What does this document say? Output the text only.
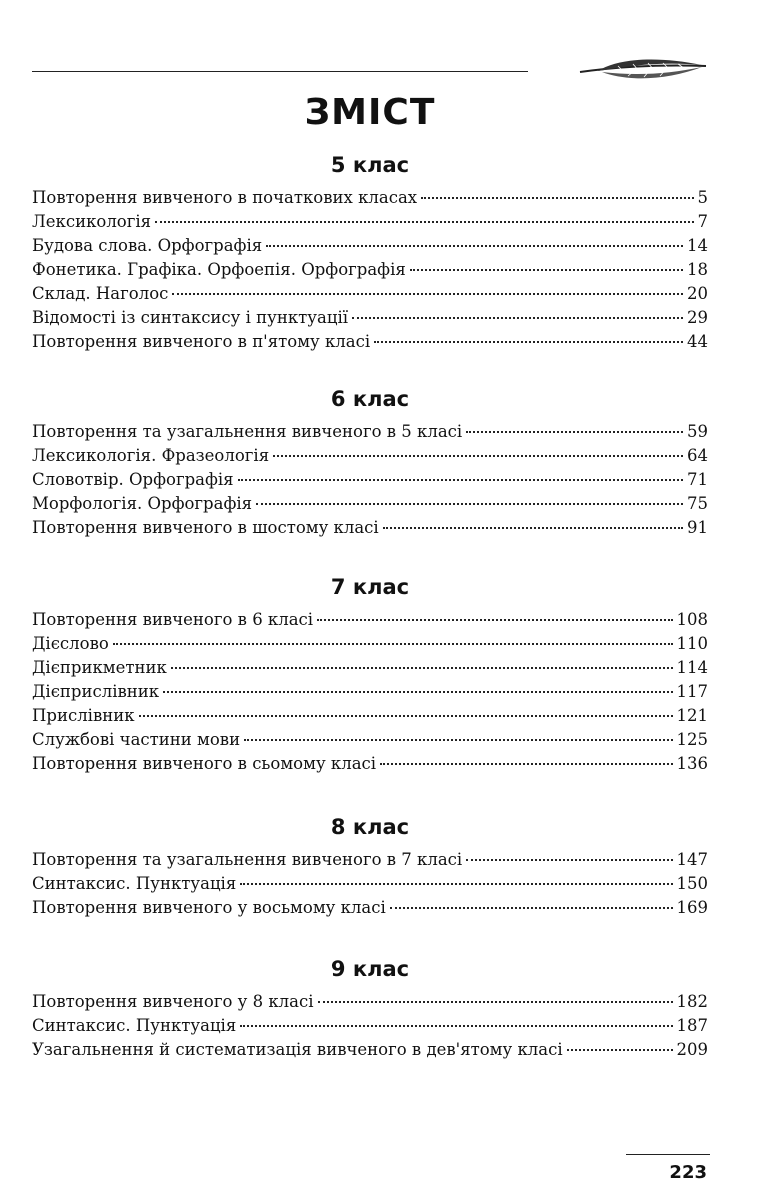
ЗМІСТ
5 клас
Повторення вивченого в початкових класах	5
Лексикологія	7
Будова слова. Орфографія	14
Фонетика. Графіка. Орфоепія. Орфографія	18
Склад. Наголос	20
Відомості із синтаксису і пунктуації	29
Повторення вивченого в п'ятому класі	44
6 клас
Повторення та узагальнення вивченого в 5 класі	59
Лексикологія. Фразеологія	64
Словотвір. Орфографія	71
Морфологія. Орфографія	75
Повторення вивченого в шостому класі	91
7 клас
Повторення вивченого в 6 класі	108
Дієслово	110
Дієприкметник	114
Дієприслівник	117
Прислівник	121
Службові частини мови	125
Повторення вивченого в сьомому класі	136
8 клас
Повторення та узагальнення вивченого в 7 класі	147
Синтаксис. Пунктуація	150
Повторення вивченого у восьмому класі	169
9 клас
Повторення вивченого у 8 класі	182
Синтаксис. Пунктуація	187
Узагальнення й систематизація вивченого в дев'ятому класі	209
223
